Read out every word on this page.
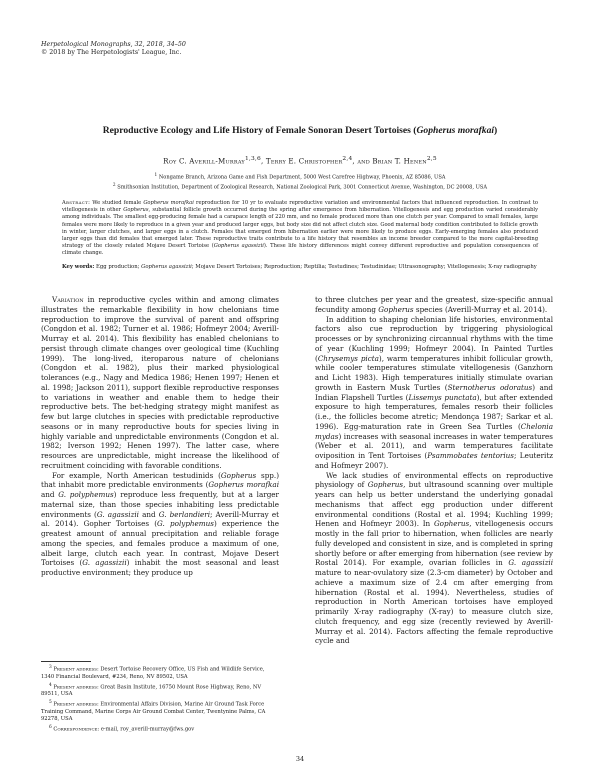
Herpetological Monographs, 32, 2018, 34–50
© 2018 by The Herpetologists' League, Inc.
Reproductive Ecology and Life History of Female Sonoran Desert Tortoises (Gopherus morafkai)
Roy C. Averill-Murray$^{1,3,6}$, Terry E. Christopher$^{2,4}$, and Brian T. Henen$^{2,5}$
$^1$ Nongame Branch, Arizona Game and Fish Department, 5000 West Carefree Highway, Phoenix, AZ 85086, USA
$^2$ Smithsonian Institution, Department of Zoological Research, National Zoological Park, 3001 Connecticut Avenue, Washington, DC 20008, USA
Abstract: We studied female Gopherus morafkai reproduction for 10 yr to evaluate reproductive variation and environmental factors that influenced reproduction. In contrast to vitellogenesis in other Gopherus, substantial follicle growth occurred during the spring after emergence from hibernation. Vitellogenesis and egg production varied considerably among individuals. The smallest egg-producing female had a carapace length of 220 mm, and no female produced more than one clutch per year. Compared to small females, large females were more likely to reproduce in a given year and produced larger eggs, but body size did not affect clutch size. Good maternal body condition contributed to follicle growth in winter, larger clutches, and larger eggs in a clutch. Females that emerged from hibernation earlier were more likely to produce eggs. Early-emerging females also produced larger eggs than did females that emerged later. These reproductive traits contribute to a life history that resembles an income breeder compared to the more capital-breeding strategy of the closely related Mojave Desert Tortoise (Gopherus agassizii). These life history differences might convey different reproductive and population consequences of climate change.
Key words: Egg production; Gopherus agassizii; Mojave Desert Tortoises; Reproduction; Reptilia; Testudines; Testudinidae; Ultrasonography; Vitellogenesis; X-ray radiography

Variation in reproductive cycles within and among climates illustrates the remarkable flexibility in how chelonians time reproduction to improve the survival of parent and offspring (Congdon et al. 1982; Turner et al. 1986; Hofmeyr 2004; Averill-Murray et al. 2014). This flexibility has enabled chelonians to persist through climate changes over geological time (Kuchling 1999). The long-lived, iteroparous nature of chelonians (Congdon et al. 1982), plus their marked physiological tolerances (e.g., Nagy and Medica 1986; Henen 1997; Henen et al. 1998; Jackson 2011), support flexible reproductive responses to variations in weather and enable them to hedge their reproductive bets. The bet-hedging strategy might manifest as few but large clutches in species with predictable reproductive seasons or in many reproductive bouts for species living in highly variable and unpredictable environments (Congdon et al. 1982; Iverson 1992; Henen 1997). The latter case, where resources are unpredictable, might increase the likelihood of recruitment coinciding with favorable conditions.

For example, North American testudinids (Gopherus spp.) that inhabit more predictable environments (Gopherus morafkai and G. polyphemus) reproduce less frequently, but at a larger maternal size, than those species inhabiting less predictable environments (G. agassizii and G. berlandieri; Averill-Murray et al. 2014). Gopher Tortoises (G. polyphemus) experience the greatest amount of annual precipitation and reliable forage among the species, and females produce a maximum of one, albeit large, clutch each year. In contrast, Mojave Desert Tortoises (G. agassizii) inhabit the most seasonal and least productive environment; they produce up

$^3$ Present address: Desert Tortoise Recovery Office, US Fish and Wildlife Service, 1340 Financial Boulevard, #234, Reno, NV 89502, USA

$^4$ Present address: Great Basin Institute, 16750 Mount Rose Highway, Reno, NV 89511, USA

$^5$ Present address: Environmental Affairs Division, Marine Air Ground Task Force Training Command, Marine Corps Air Ground Combat Center, Twentynine Palms, CA 92278, USA

$^6$ Correspondence: e-mail, roy_averill-murray@fws.gov

to three clutches per year and the greatest, size-specific annual fecundity among Gopherus species (Averill-Murray et al. 2014).

In addition to shaping chelonian life histories, environmental factors also cue reproduction by triggering physiological processes or by synchronizing circannual rhythms with the time of year (Kuchling 1999; Hofmeyr 2004). In Painted Turtles (Chrysemys picta), warm temperatures inhibit follicular growth, while cooler temperatures stimulate vitellogenesis (Ganzhorn and Licht 1983). High temperatures initially stimulate ovarian growth in Eastern Musk Turtles (Sternotherus odoratus) and Indian Flapshell Turtles (Lissemys punctata), but after extended exposure to high temperatures, females resorb their follicles (i.e., the follicles become atretic; Mendonça 1987; Sarkar et al. 1996). Egg-maturation rate in Green Sea Turtles (Chelonia mydas) increases with seasonal increases in water temperatures (Weber et al. 2011), and warm temperatures facilitate oviposition in Tent Tortoises (Psammobates tentorius; Leuteritz and Hofmeyr 2007).

We lack studies of environmental effects on reproductive physiology of Gopherus, but ultrasound scanning over multiple years can help us better understand the underlying gonadal mechanisms that affect egg production under different environmental conditions (Rostal et al. 1994; Kuchling 1999; Henen and Hofmeyr 2003). In Gopherus, vitellogenesis occurs mostly in the fall prior to hibernation, when follicles are nearly fully developed and consistent in size, and is completed in spring shortly before or after emerging from hibernation (see review by Rostal 2014). For example, ovarian follicles in G. agassizii mature to near-ovulatory size (2.3-cm diameter) by October and achieve a maximum size of 2.4 cm after emerging from hibernation (Rostal et al. 1994). Nevertheless, studies of reproduction in North American tortoises have employed primarily X-ray radiography (X-ray) to measure clutch size, clutch frequency, and egg size (recently reviewed by Averill-Murray et al. 2014). Factors affecting the female reproductive cycle and

34
